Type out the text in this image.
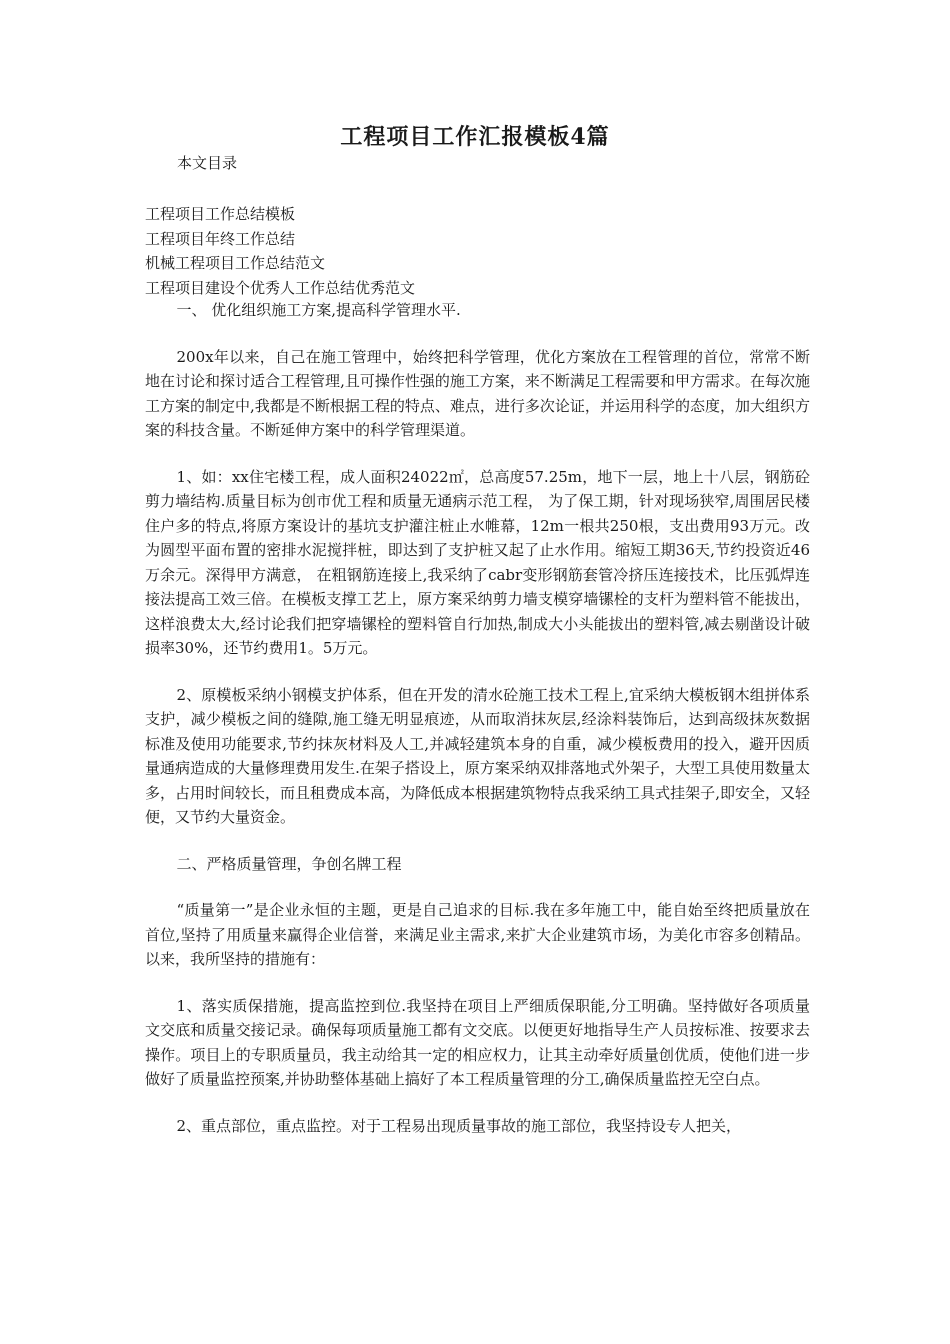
工程项目工作汇报模板4篇

本文目录

工程项目工作总结模板
工程项目年终工作总结
机械工程项目工作总结范文
工程项目建设个优秀人工作总结优秀范文

一、 优化组织施工方案,提高科学管理水平.

200x年以来，自己在施工管理中，始终把科学管理，优化方案放在工程管理的首位，常常不断地在讨论和探讨适合工程管理,且可操作性强的施工方案，来不断满足工程需要和甲方需求。在每次施工方案的制定中,我都是不断根据工程的特点、难点，进行多次论证，并运用科学的态度，加大组织方案的科技含量。不断延伸方案中的科学管理渠道。

1、如：xx住宅楼工程，成人面积24022㎡，总高度57.25m，地下一层，地上十八层，钢筋砼剪力墙结构.质量目标为创市优工程和质量无通病示范工程， 为了保工期，针对现场狭窄,周围居民楼住户多的特点,将原方案设计的基坑支护灌注桩止水帷幕，12m一根共250根，支出费用93万元。改为圆型平面布置的密排水泥搅拌桩，即达到了支护桩又起了止水作用。缩短工期36天,节约投资近46万余元。深得甲方满意， 在粗钢筋连接上,我采纳了cabr变形钢筋套管冷挤压连接技术，比压弧焊连接法提高工效三倍。在模板支撑工艺上，原方案采纳剪力墙支模穿墙镙栓的支杆为塑料管不能拔出，这样浪费太大,经讨论我们把穿墙镙栓的塑料管自行加热,制成大小头能拔出的塑料管,减去剔凿设计破损率30%，还节约费用1。5万元。

2、原模板采纳小钢模支护体系，但在开发的清水砼施工技术工程上,宜采纳大模板钢木组拼体系支护，减少模板之间的缝隙,施工缝无明显痕迹，从而取消抹灰层,经涂料装饰后，达到高级抹灰数据标准及使用功能要求,节约抹灰材料及人工,并减轻建筑本身的自重，减少模板费用的投入，避开因质量通病造成的大量修理费用发生.在架子搭设上，原方案采纳双排落地式外架子，大型工具使用数量太多，占用时间较长，而且租费成本高，为降低成本根据建筑物特点我采纳工具式挂架子,即安全，又轻便，又节约大量资金。

二、严格质量管理，争创名牌工程

“质量第一”是企业永恒的主题，更是自己追求的目标.我在多年施工中，能自始至终把质量放在首位,坚持了用质量来赢得企业信誉，来满足业主需求,来扩大企业建筑市场，为美化市容多创精品。以来，我所坚持的措施有：

1、落实质保措施，提高监控到位.我坚持在项目上严细质保职能,分工明确。坚持做好各项质量文交底和质量交接记录。确保每项质量施工都有文交底。以便更好地指导生产人员按标准、按要求去操作。项目上的专职质量员，我主动给其一定的相应权力，让其主动牵好质量创优质，使他们进一步做好了质量监控预案,并协助整体基础上搞好了本工程质量管理的分工,确保质量监控无空白点。

2、重点部位，重点监控。对于工程易出现质量事故的施工部位，我坚持设专人把关，
